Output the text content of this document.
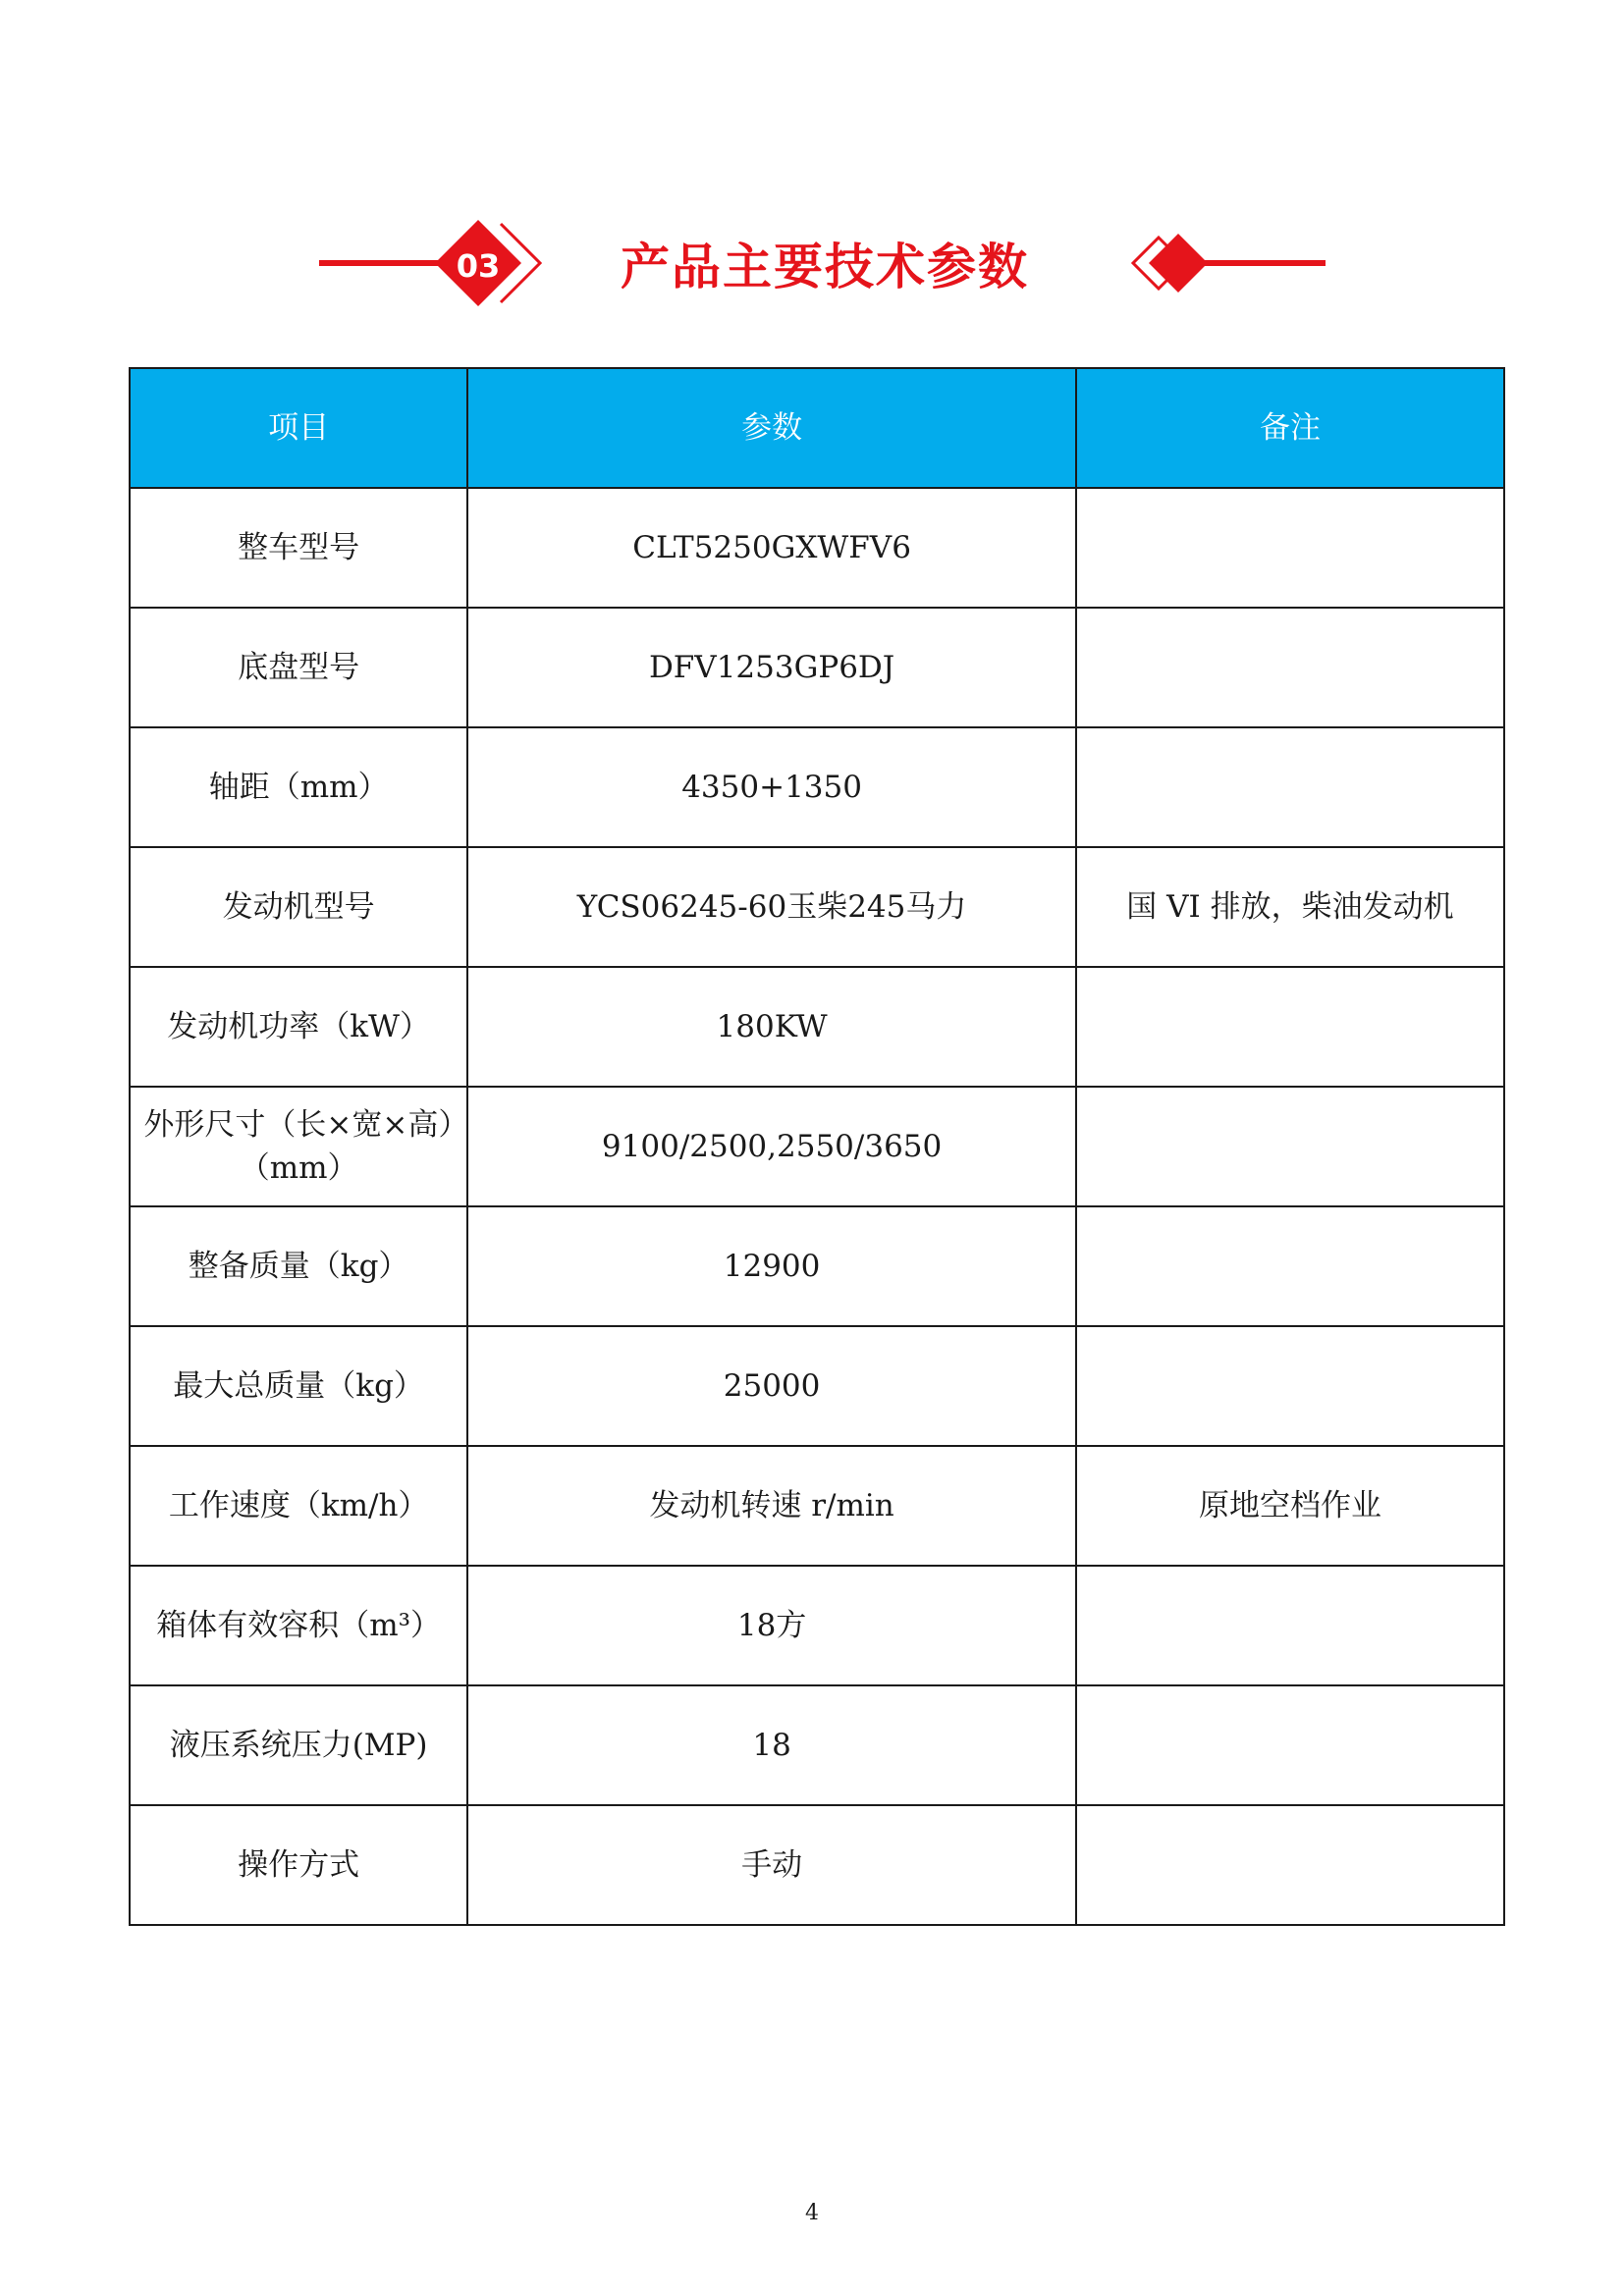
03	产品主要技术参数
项目	参数	备注
整车型号	CLT5250GXWFV6	
底盘型号	DFV1253GP6DJ	
轴距（mm）	4350+1350	
发动机型号	YCS06245-60玉柴245马力	国 VI 排放，柴油发动机
发动机功率（kW）	180KW	
外形尺寸（长×宽×高）（mm）	9100/2500,2550/3650	
整备质量（kg）	12900	
最大总质量（kg）	25000	
工作速度（km/h）	发动机转速 r/min	原地空档作业
箱体有效容积（m³）	18方	
液压系统压力(MP)	18	
操作方式	手动	
4
